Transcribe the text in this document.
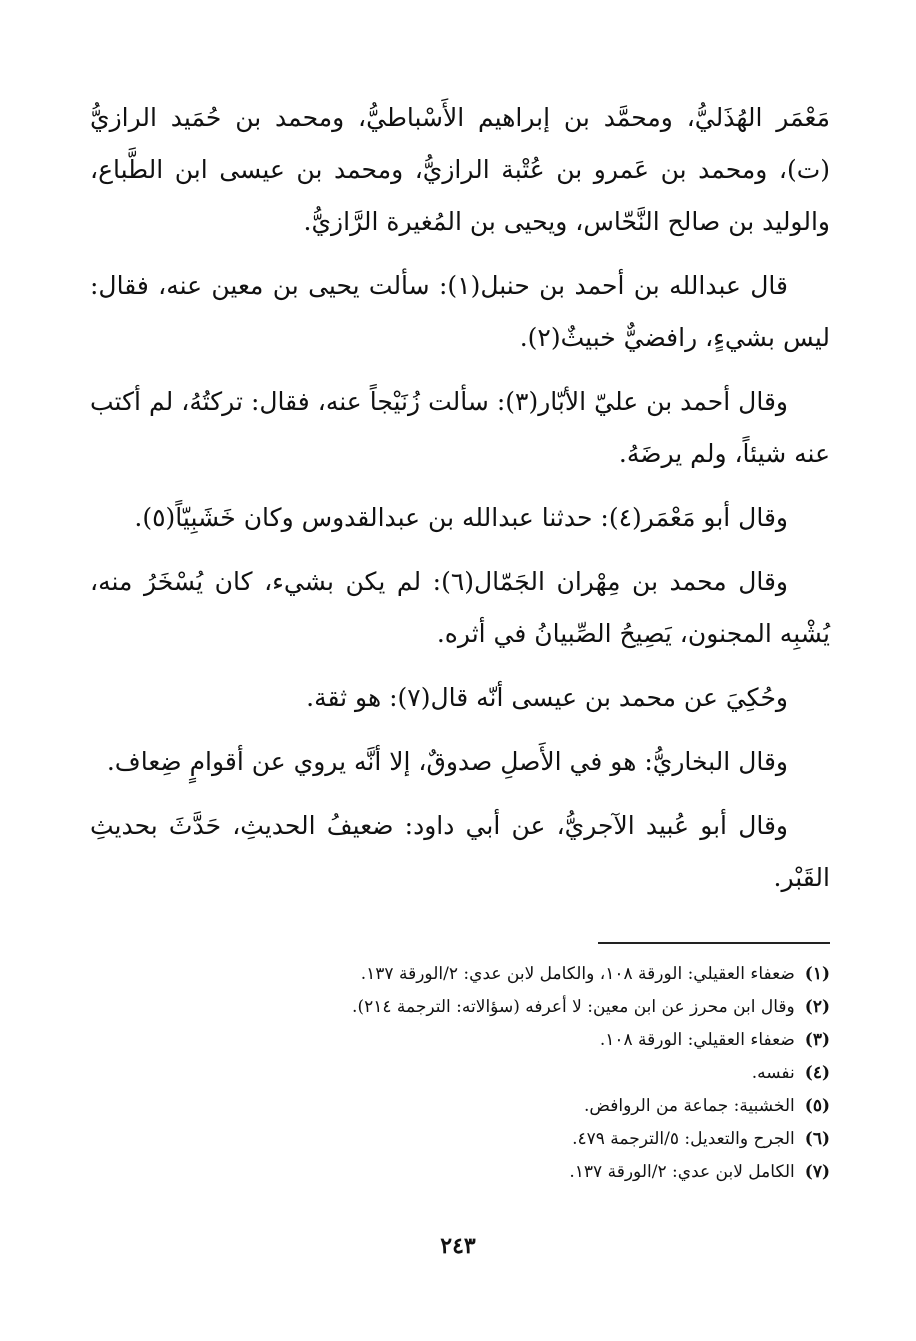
مَعْمَر الهُذَليُّ، ومحمَّد بن إبراهيم الأَسْباطيُّ، ومحمد بن حُمَيد الرازيُّ (ت)، ومحمد بن عَمرو بن عُتْبة الرازيُّ، ومحمد بن عيسى ابن الطَّباع، والوليد بن صالح النَّحّاس، ويحيى بن المُغيرة الرَّازيُّ.

قال عبدالله بن أحمد بن حنبل(١): سألت يحيى بن معين عنه، فقال: ليس بشيءٍ، رافضيٌّ خبيثٌ(٢).

وقال أحمد بن عليّ الأبّار(٣): سألت زُنَيْجاً عنه، فقال: تركتُهُ، لم أكتب عنه شيئاً، ولم يرضَهُ.

وقال أبو مَعْمَر(٤): حدثنا عبدالله بن عبدالقدوس وكان خَشَبِيّاً(٥).

وقال محمد بن مِهْران الجَمّال(٦): لم يكن بشيء، كان يُسْخَرُ منه، يُشْبِه المجنون، يَصِيحُ الصِّبيانُ في أثره.

وحُكِيَ عن محمد بن عيسى أنّه قال(٧): هو ثقة.

وقال البخاريُّ: هو في الأَصلِ صدوقٌ، إلا أنَّه يروي عن أقوامٍ ضِعاف.

وقال أبو عُبيد الآجريُّ، عن أبي داود: ضعيفُ الحديثِ، حَدَّثَ بحديثِ القَبْر.

(١)ضعفاء العقيلي: الورقة ١٠٨، والكامل لابن عدي: ٢/الورقة ١٣٧.
(٢)وقال ابن محرز عن ابن معين: لا أعرفه (سؤالاته: الترجمة ٢١٤).
(٣)ضعفاء العقيلي: الورقة ١٠٨.
(٤)نفسه.
(٥)الخشبية: جماعة من الروافض.
(٦)الجرح والتعديل: ٥/الترجمة ٤٧٩.
(٧)الكامل لابن عدي: ٢/الورقة ١٣٧.
٢٤٣
